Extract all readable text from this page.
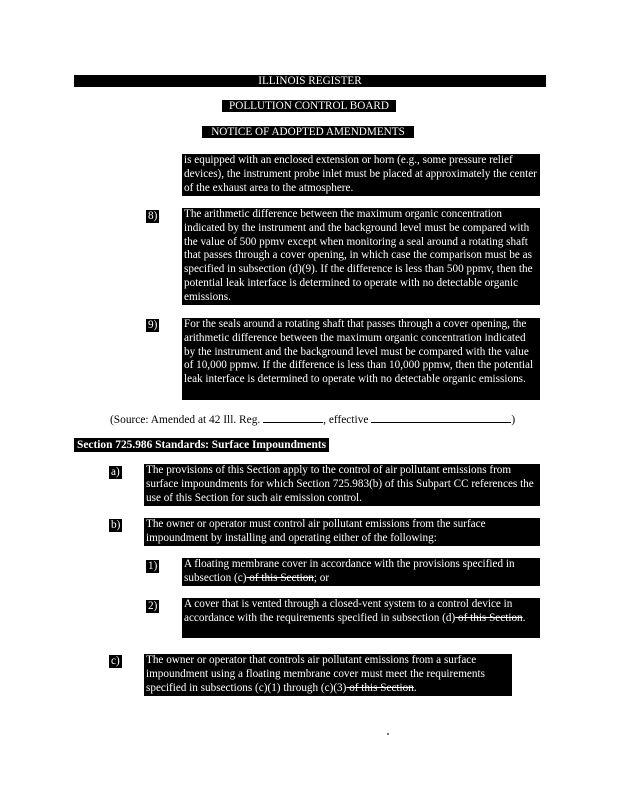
ILLINOIS REGISTER
POLLUTION CONTROL BOARD
NOTICE OF ADOPTED AMENDMENTS
is equipped with an enclosed extension or horn (e.g., some pressure relief devices), the instrument probe inlet must be placed at approximately the center of the exhaust area to the atmosphere.
8) The arithmetic difference between the maximum organic concentration indicated by the instrument and the background level must be compared with the value of 500 ppmv except when monitoring a seal around a rotating shaft that passes through a cover opening, in which case the comparison must be as specified in subsection (d)(9). If the difference is less than 500 ppmv, then the potential leak interface is determined to operate with no detectable organic emissions.
9) For the seals around a rotating shaft that passes through a cover opening, the arithmetic difference between the maximum organic concentration indicated by the instrument and the background level must be compared with the value of 10,000 ppmw. If the difference is less than 10,000 ppmw, then the potential leak interface is determined to operate with no detectable organic emissions.
(Source: Amended at 42 Ill. Reg.	, effective	)
Section 725.986 Standards: Surface Impoundments
a) The provisions of this Section apply to the control of air pollutant emissions from surface impoundments for which Section 725.983(b) of this Subpart CC references the use of this Section for such air emission control.
b) The owner or operator must control air pollutant emissions from the surface impoundment by installing and operating either of the following:
1) A floating membrane cover in accordance with the provisions specified in subsection (c) of this Section; or
2) A cover that is vented through a closed-vent system to a control device in accordance with the requirements specified in subsection (d) of this Section.
c) The owner or operator that controls air pollutant emissions from a surface impoundment using a floating membrane cover must meet the requirements specified in subsections (c)(1) through (c)(3) of this Section.
